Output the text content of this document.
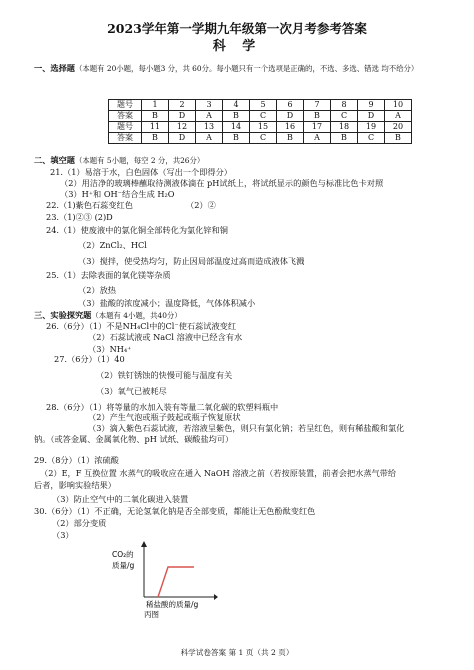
2023学年第一学期九年级第一次月考参考答案
科 学
一、选择题（本题有 20小题，每小题3 分，共 60分。每小题只有一个选项是正确的，不选、多选、错选 均不给分）
题号	1	2	3	4	5	6	7	8	9	10
答案	B	D	A	B	C	D	B	C	D	A
题号	11	12	13	14	15	16	17	18	19	20
答案	B	D	A	B	C	B	A	B	C	B
二、填空题（本题有 5小题，每空 2 分，共26分）
21.（1）易溶于水，白色固体（写出一个即得分）
（2）用洁净的玻璃棒蘸取待测液体滴在 pH试纸上，将试纸显示的颜色与标准比色卡对照
（3）H⁺和 OH⁻结合生成 H₂O
22.（1)紫色石蕊变红色	（2）②
23.（1)②③ (2)D
24.（1）使废液中的氯化铜全部转化为氯化锌和铜
（2）ZnCl₂、HCl
（3）搅拌，使受热均匀，防止因局部温度过高而造成液体飞溅
25.（1）去除表面的氧化镁等杂质
（2）放热
（3）盐酸的浓度减小；温度降低，气体体积减小
三、实验探究题（本题有 4小题，共40分）
26.（6分）（1）不是NH₄Cl中的Cl⁻使石蕊试液变红
（2）石蕊试液或 NaCl 溶液中已经含有水
（3）NH₄⁺
27.（6分）（1）40
（2）铁钉锈蚀的快慢可能与温度有关
（3）氧气已被耗尽
28.（6分）（1）将等量的水加入装有等量二氧化碳的软塑料瓶中
（2）产生气泡或瓶子鼓起或瓶子恢复原状
（3）滴入紫色石蕊试液，若溶液呈紫色，则只有氯化钠；若呈红色，则有稀盐酸和氯化
钠。（或答金属、金属氧化物、pH 试纸、碳酸盐均可）
29.（8分）（1）浓硫酸
（2）E，F 互换位置 水蒸气的吸收应在通入 NaOH 溶液之前（若按原装置，前者会把水蒸气带给
后者，影响实验结果）
（3）防止空气中的二氧化碳进入装置
30.（6分）（1）不正确，无论氢氧化钠是否全部变质，都能让无色酚酞变红色
（2）部分变质
（3）
CO₂的
质量/g
稀盐酸的质量/g
丙图
科学试卷答案 第 1 页（共 2 页）
